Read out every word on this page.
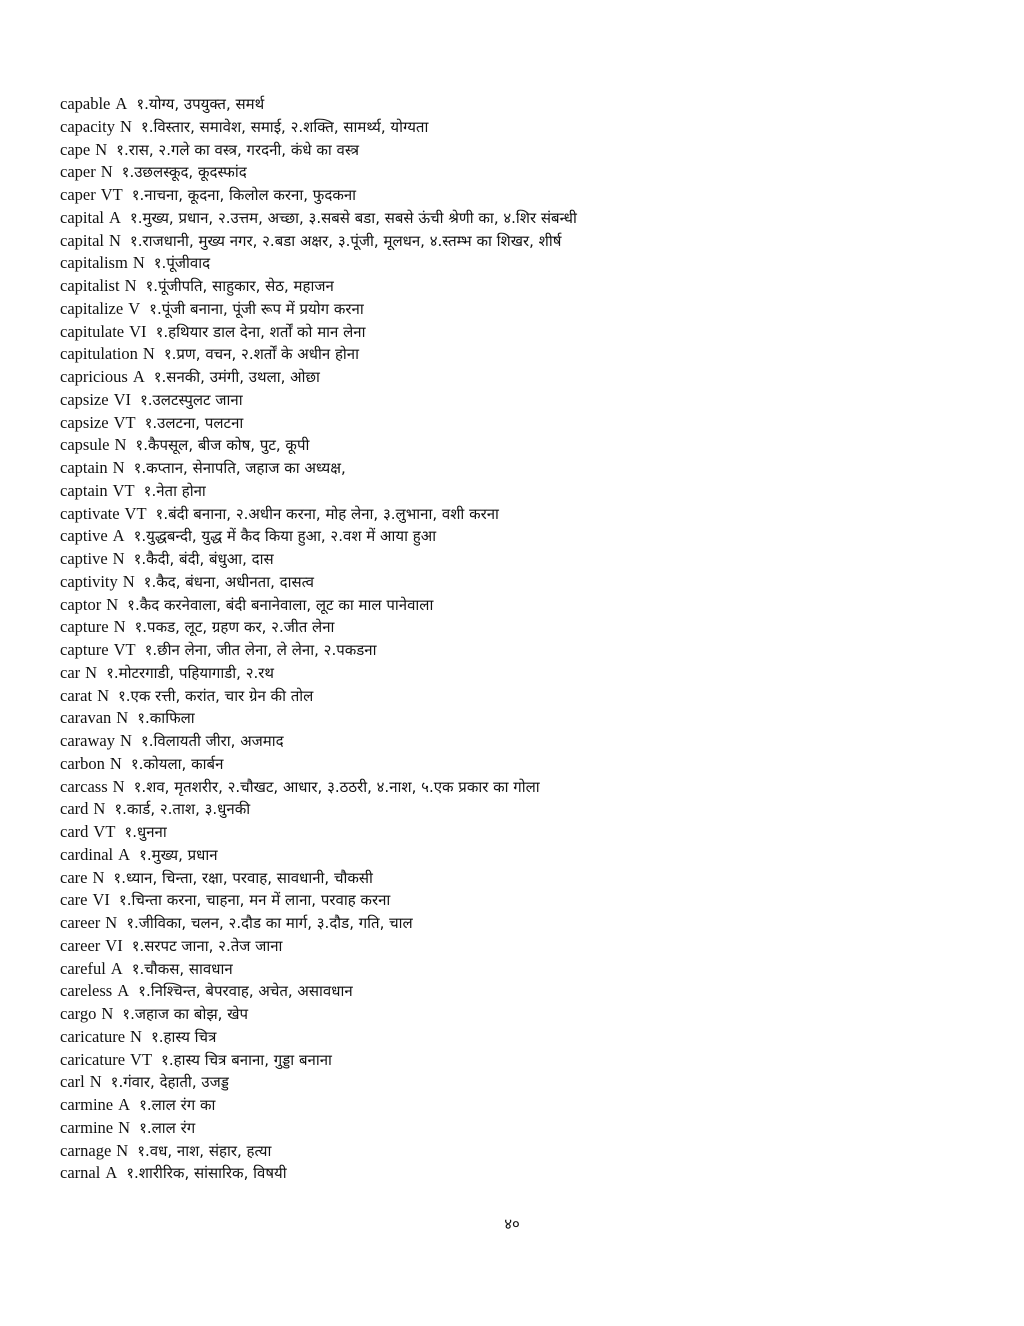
capable A १.योग्य, उपयुक्त, समर्थ
capacity N १.विस्तार, समावेश, समाई, २.शक्ति, सामर्थ्य, योग्यता
cape N १.रास, २.गले का वस्त्र, गरदनी, कंधे का वस्त्र
caper N १.उछलस्कूद, कूदस्फांद
caper VT १.नाचना, कूदना, किलोल करना, फुदकना
capital A १.मुख्य, प्रधान, २.उत्तम, अच्छा, ३.सबसे बडा, सबसे ऊंची श्रेणी का, ४.शिर संबन्धी
capital N १.राजधानी, मुख्य नगर, २.बडा अक्षर, ३.पूंजी, मूलधन, ४.स्तम्भ का शिखर, शीर्ष
capitalism N १.पूंजीवाद
capitalist N १.पूंजीपति, साहुकार, सेठ, महाजन
capitalize V १.पूंजी बनाना, पूंजी रूप में प्रयोग करना
capitulate VI १.हथियार डाल देना, शर्तों को मान लेना
capitulation N १.प्रण, वचन, २.शर्तों के अधीन होना
capricious A १.सनकी, उमंगी, उथला, ओछा
capsize VI १.उलटस्पुलट जाना
capsize VT १.उलटना, पलटना
capsule N १.कैपसूल, बीज कोष, पुट, कूपी
captain N १.कप्तान, सेनापति, जहाज का अध्यक्ष,
captain VT १.नेता होना
captivate VT १.बंदी बनाना, २.अधीन करना, मोह लेना, ३.लुभाना, वशी करना
captive A १.युद्धबन्दी, युद्ध में कैद किया हुआ, २.वश में आया हुआ
captive N १.कैदी, बंदी, बंधुआ, दास
captivity N १.कैद, बंधना, अधीनता, दासत्व
captor N १.कैद करनेवाला, बंदी बनानेवाला, लूट का माल पानेवाला
capture N १.पकड, लूट, ग्रहण कर, २.जीत लेना
capture VT १.छीन लेना, जीत लेना, ले लेना, २.पकडना
car N १.मोटरगाडी, पहियागाडी, २.रथ
carat N १.एक रत्ती, करांत, चार ग्रेन की तोल
caravan N १.काफिला
caraway N १.विलायती जीरा, अजमाद
carbon N १.कोयला, कार्बन
carcass N १.शव, मृतशरीर, २.चौखट, आधार, ३.ठठरी, ४.नाश, ५.एक प्रकार का गोला
card N १.कार्ड, २.ताश, ३.धुनकी
card VT १.धुनना
cardinal A १.मुख्य, प्रधान
care N १.ध्यान, चिन्ता, रक्षा, परवाह, सावधानी, चौकसी
care VI १.चिन्ता करना, चाहना, मन में लाना, परवाह करना
career N १.जीविका, चलन, २.दौड का मार्ग, ३.दौड, गति, चाल
career VI १.सरपट जाना, २.तेज जाना
careful A १.चौकस, सावधान
careless A १.निश्चिन्त, बेपरवाह, अचेत, असावधान
cargo N १.जहाज का बोझ, खेप
caricature N १.हास्य चित्र
caricature VT १.हास्य चित्र बनाना, गुड्डा बनाना
carl N १.गंवार, देहाती, उजड्ड
carmine A १.लाल रंग का
carmine N १.लाल रंग
carnage N १.वध, नाश, संहार, हत्या
carnal A १.शारीरिक, सांसारिक, विषयी
४०
